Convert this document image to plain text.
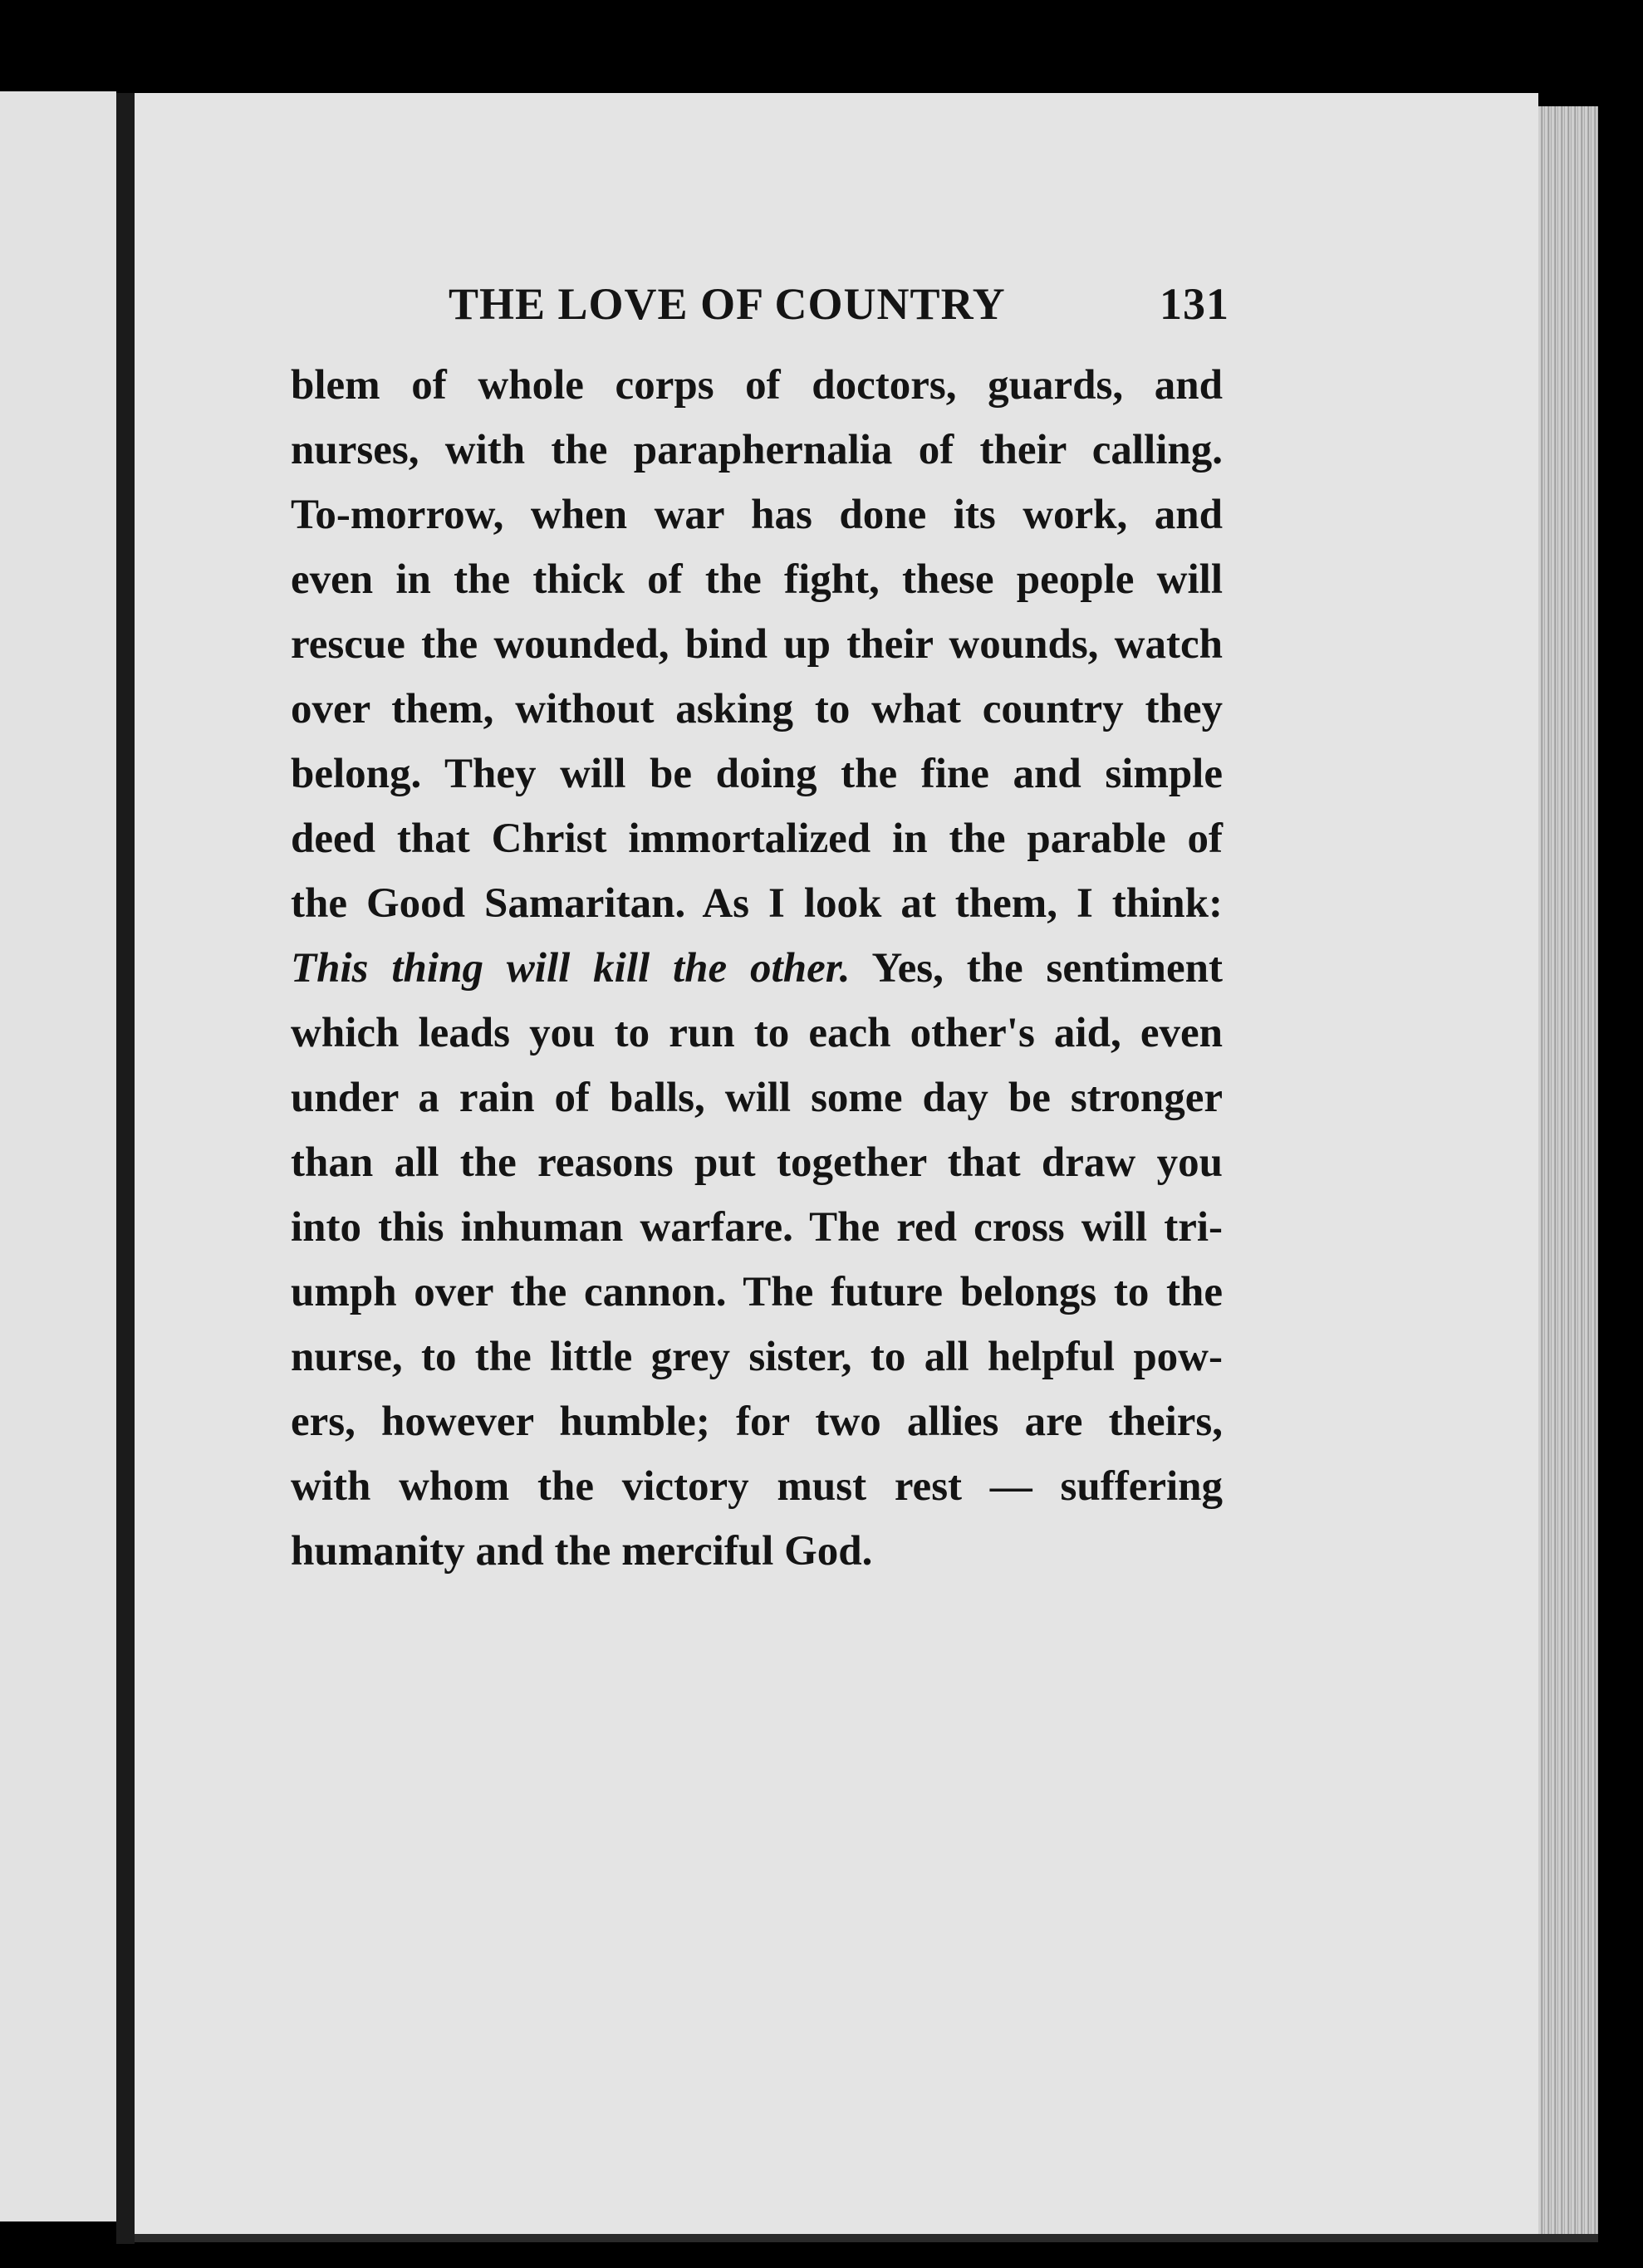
THE LOVE OF COUNTRY	131
blem of whole corps of doctors, guards, and
nurses, with the paraphernalia of their calling.
To-morrow, when war has done its work, and
even in the thick of the fight, these people will
rescue the wounded, bind up their wounds, watch
over them, without asking to what country they
belong. They will be doing the fine and simple
deed that Christ immortalized in the parable of
the Good Samaritan. As I look at them, I think:
This thing will kill the other. Yes, the sentiment
which leads you to run to each other's aid, even
under a rain of balls, will some day be stronger
than all the reasons put together that draw you
into this inhuman warfare. The red cross will tri-
umph over the cannon. The future belongs to the
nurse, to the little grey sister, to all helpful pow-
ers, however humble; for two allies are theirs,
with whom the victory must rest — suffering
humanity and the merciful God.
